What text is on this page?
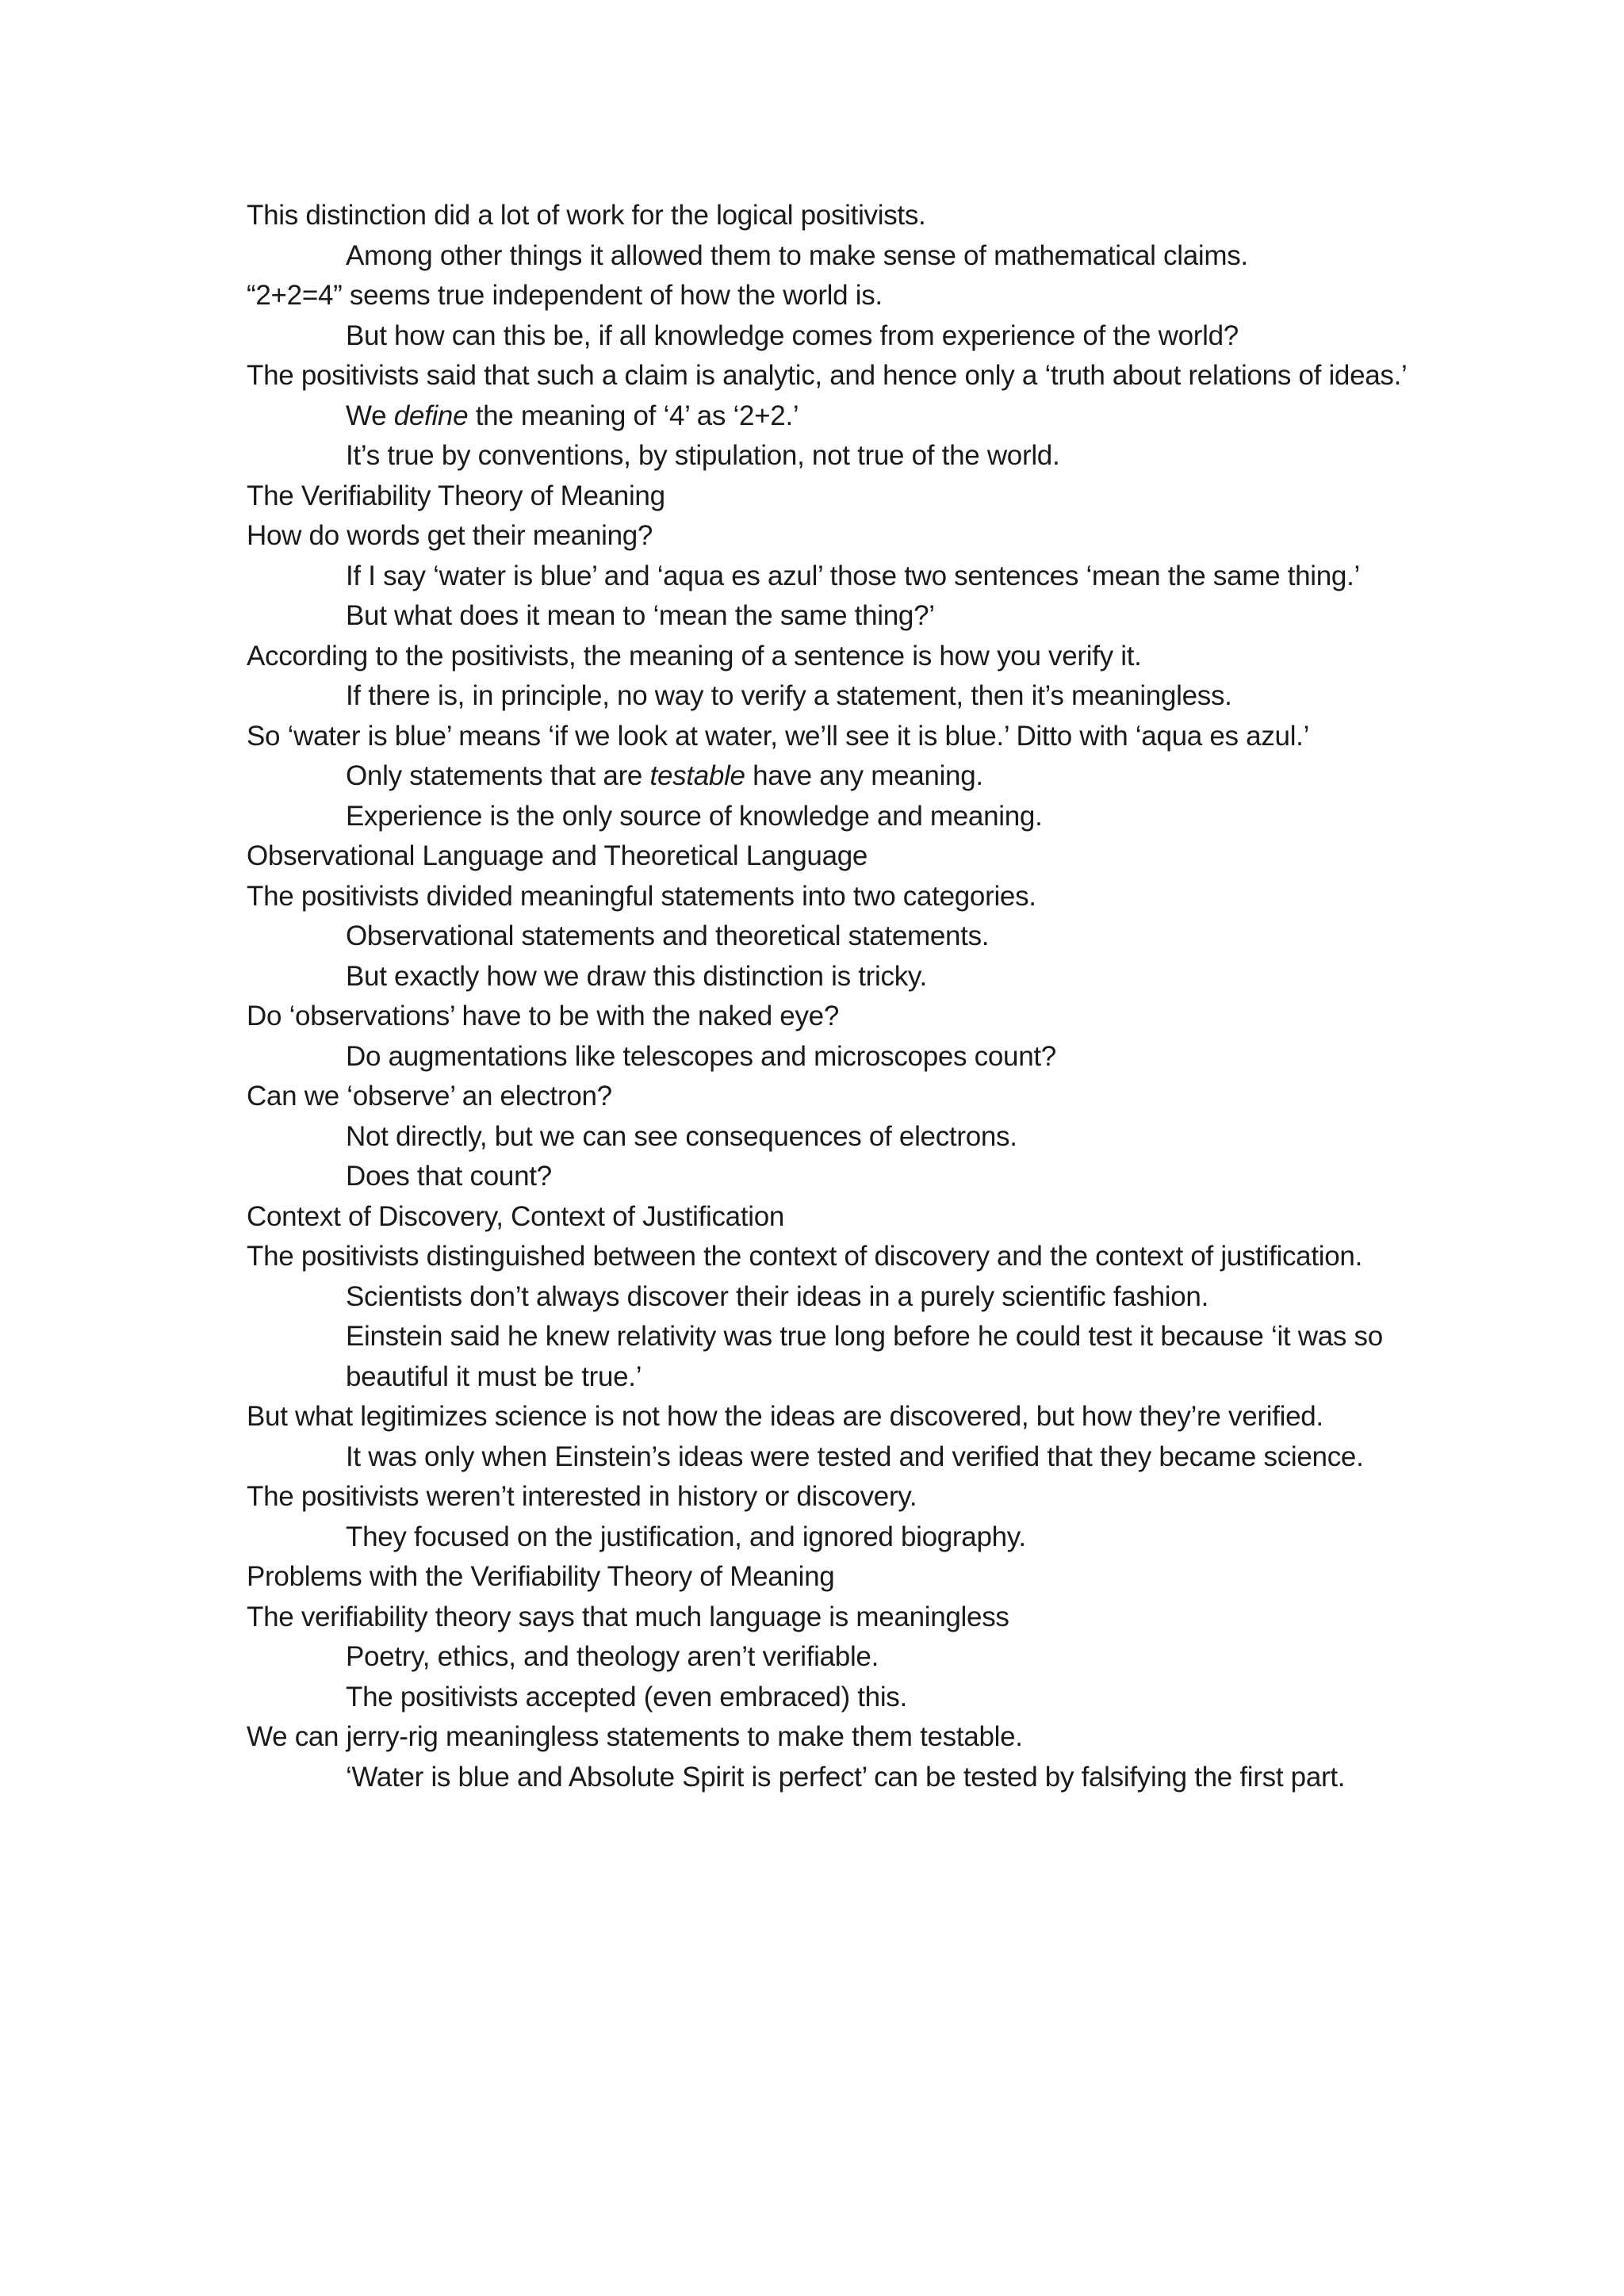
This distinction did a lot of work for the logical positivists.

Among other things it allowed them to make sense of mathematical claims.

“2+2=4” seems true independent of how the world is.

But how can this be, if all knowledge comes from experience of the world?

The positivists said that such a claim is analytic, and hence only a ‘truth about relations of ideas.’

We define the meaning of ‘4’ as ‘2+2.’

It’s true by conventions, by stipulation, not true of the world.

The Verifiability Theory of Meaning

How do words get their meaning?

If I say ‘water is blue’ and ‘aqua es azul’ those two sentences ‘mean the same thing.’

But what does it mean to ‘mean the same thing?’

According to the positivists, the meaning of a sentence is how you verify it.

If there is, in principle, no way to verify a statement, then it’s meaningless.

So ‘water is blue’ means ‘if we look at water, we’ll see it is blue.’ Ditto with ‘aqua es azul.’

Only statements that are testable have any meaning.

Experience is the only source of knowledge and meaning.

Observational Language and Theoretical Language

The positivists divided meaningful statements into two categories.

Observational statements and theoretical statements.

But exactly how we draw this distinction is tricky.

Do ‘observations’ have to be with the naked eye?

Do augmentations like telescopes and microscopes count?

Can we ‘observe’ an electron?

Not directly, but we can see consequences of electrons.

Does that count?

Context of Discovery, Context of Justification

The positivists distinguished between the context of discovery and the context of justification.

Scientists don’t always discover their ideas in a purely scientific fashion.

Einstein said he knew relativity was true long before he could test it because ‘it was so beautiful it must be true.’

But what legitimizes science is not how the ideas are discovered, but how they’re verified.

It was only when Einstein’s ideas were tested and verified that they became science.

The positivists weren’t interested in history or discovery.

They focused on the justification, and ignored biography.

Problems with the Verifiability Theory of Meaning

The verifiability theory says that much language is meaningless

Poetry, ethics, and theology aren’t verifiable.

The positivists accepted (even embraced) this.

We can jerry-rig meaningless statements to make them testable.

‘Water is blue and Absolute Spirit is perfect’ can be tested by falsifying the first part.
